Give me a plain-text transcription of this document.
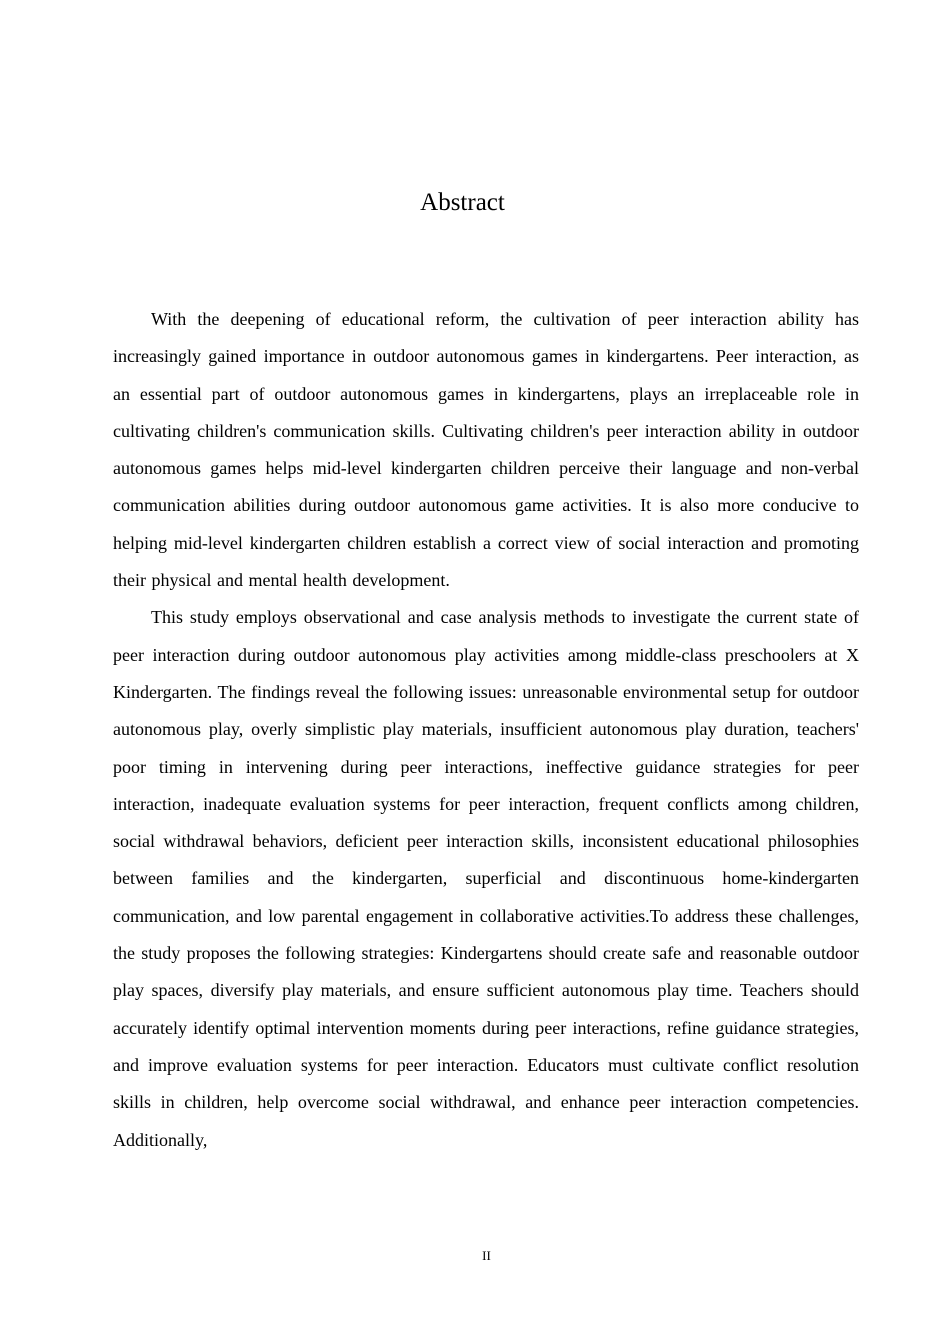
Abstract

With the deepening of educational reform, the cultivation of peer interaction ability has increasingly gained importance in outdoor autonomous games in kindergartens. Peer interaction, as an essential part of outdoor autonomous games in kindergartens, plays an irreplaceable role in cultivating children's communication skills. Cultivating children's peer interaction ability in outdoor autonomous games helps mid-level kindergarten children perceive their language and non-verbal communication abilities during outdoor autonomous game activities. It is also more conducive to helping mid-level kindergarten children establish a correct view of social interaction and promoting their physical and mental health development.

This study employs observational and case analysis methods to investigate the current state of peer interaction during outdoor autonomous play activities among middle-class preschoolers at X Kindergarten. The findings reveal the following issues: unreasonable environmental setup for outdoor autonomous play, overly simplistic play materials, insufficient autonomous play duration, teachers' poor timing in intervening during peer interactions, ineffective guidance strategies for peer interaction, inadequate evaluation systems for peer interaction, frequent conflicts among children, social withdrawal behaviors, deficient peer interaction skills, inconsistent educational philosophies between families and the kindergarten, superficial and discontinuous home-kindergarten communication, and low parental engagement in collaborative activities.To address these challenges, the study proposes the following strategies: Kindergartens should create safe and reasonable outdoor play spaces, diversify play materials, and ensure sufficient autonomous play time. Teachers should accurately identify optimal intervention moments during peer interactions, refine guidance strategies, and improve evaluation systems for peer interaction. Educators must cultivate conflict resolution skills in children, help overcome social withdrawal, and enhance peer interaction competencies. Additionally,

II
